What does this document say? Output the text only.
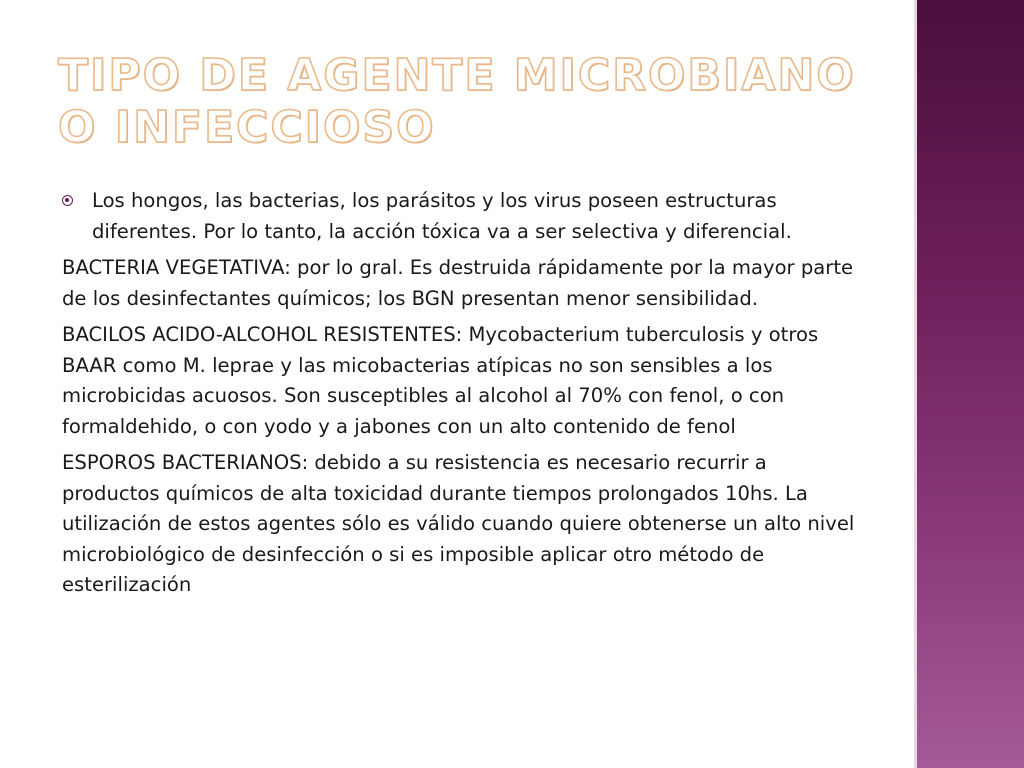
TIPO DE AGENTE MICROBIANO O INFECCIOSO
Los hongos, las bacterias, los parásitos y los virus poseen estructuras diferentes. Por lo tanto, la acción tóxica va a ser selectiva y diferencial.

BACTERIA VEGETATIVA: por lo gral. Es destruida rápidamente por la mayor parte de los desinfectantes químicos; los BGN presentan menor sensibilidad.

BACILOS ACIDO-ALCOHOL RESISTENTES: Mycobacterium tuberculosis y otros BAAR como M. leprae y las micobacterias atípicas no son sensibles a los microbicidas acuosos. Son susceptibles al alcohol al 70% con fenol, o con formaldehido, o con yodo y a jabones con un alto contenido de fenol

ESPOROS BACTERIANOS: debido a su resistencia es necesario recurrir a productos químicos de alta toxicidad durante tiempos prolongados 10hs. La utilización de estos agentes sólo es válido cuando quiere obtenerse un alto nivel microbiológico de desinfección o si es imposible aplicar otro método de esterilización
